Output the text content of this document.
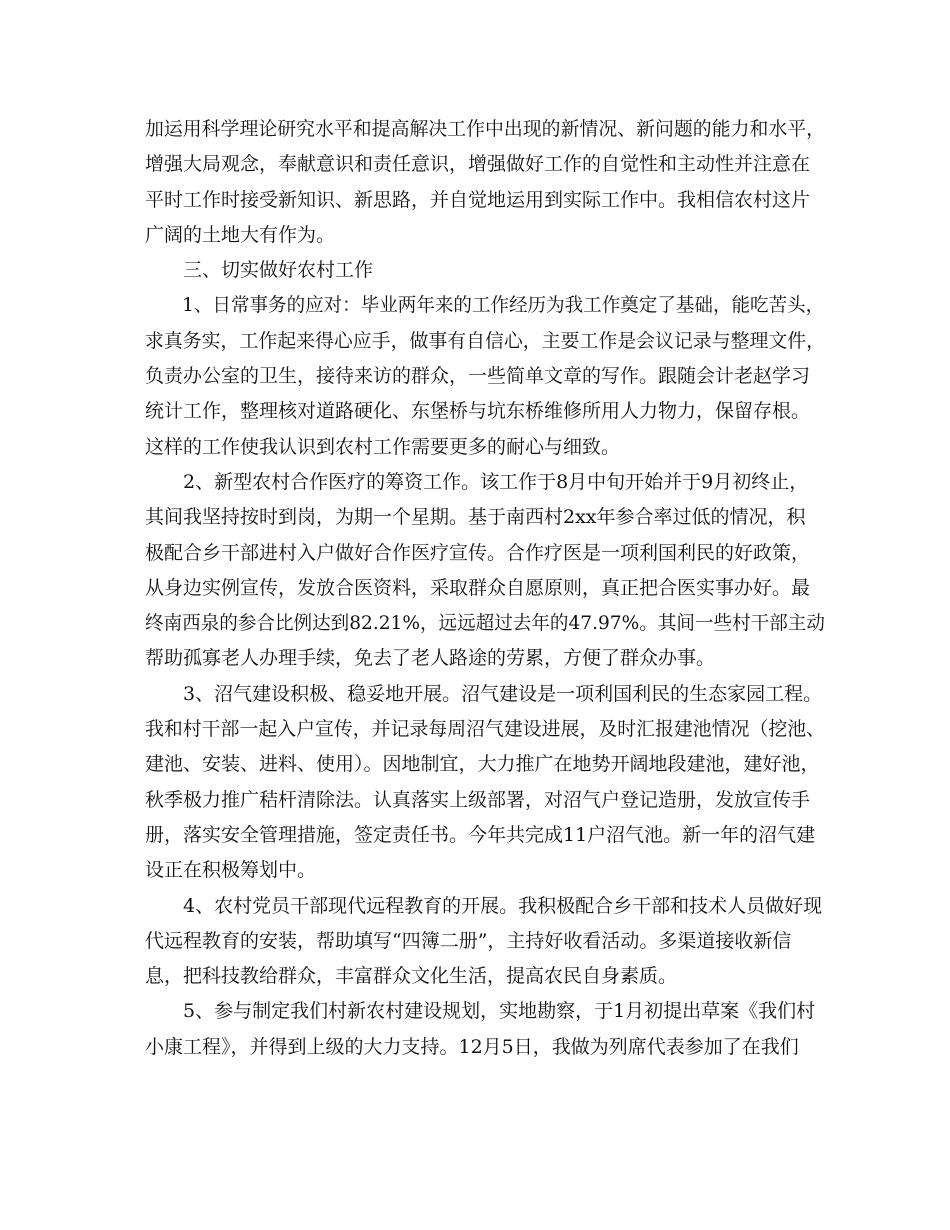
加运用科学理论研究水平和提高解决工作中出现的新情况、新问题的能力和水平，
增强大局观念，奉献意识和责任意识，增强做好工作的自觉性和主动性并注意在
平时工作时接受新知识、新思路，并自觉地运用到实际工作中。我相信农村这片
广阔的土地大有作为。
三、切实做好农村工作
1、日常事务的应对：毕业两年来的工作经历为我工作奠定了基础，能吃苦头，
求真务实，工作起来得心应手，做事有自信心，主要工作是会议记录与整理文件，
负责办公室的卫生，接待来访的群众，一些简单文章的写作。跟随会计老赵学习
统计工作，整理核对道路硬化、东堡桥与坑东桥维修所用人力物力，保留存根。
这样的工作使我认识到农村工作需要更多的耐心与细致。
2、新型农村合作医疗的筹资工作。该工作于8月中旬开始并于9月初终止，
其间我坚持按时到岗，为期一个星期。基于南西村2xx年参合率过低的情况，积
极配合乡干部进村入户做好合作医疗宣传。合作疗医是一项利国利民的好政策，
从身边实例宣传，发放合医资料，采取群众自愿原则，真正把合医实事办好。最
终南西泉的参合比例达到82.21%，远远超过去年的47.97%。其间一些村干部主动
帮助孤寡老人办理手续，免去了老人路途的劳累，方便了群众办事。
3、沼气建设积极、稳妥地开展。沼气建设是一项利国利民的生态家园工程。
我和村干部一起入户宣传，并记录每周沼气建设进展，及时汇报建池情况（挖池、
建池、安装、进料、使用）。因地制宜，大力推广在地势开阔地段建池，建好池，
秋季极力推广秸杆清除法。认真落实上级部署，对沼气户登记造册，发放宣传手
册，落实安全管理措施，签定责任书。今年共完成11户沼气池。新一年的沼气建
设正在积极筹划中。
4、农村党员干部现代远程教育的开展。我积极配合乡干部和技术人员做好现
代远程教育的安装，帮助填写“四簿二册”，主持好收看活动。多渠道接收新信
息，把科技教给群众，丰富群众文化生活，提高农民自身素质。
5、参与制定我们村新农村建设规划，实地勘察，于1月初提出草案《我们村
小康工程》，并得到上级的大力支持。12月5日，我做为列席代表参加了在我们
